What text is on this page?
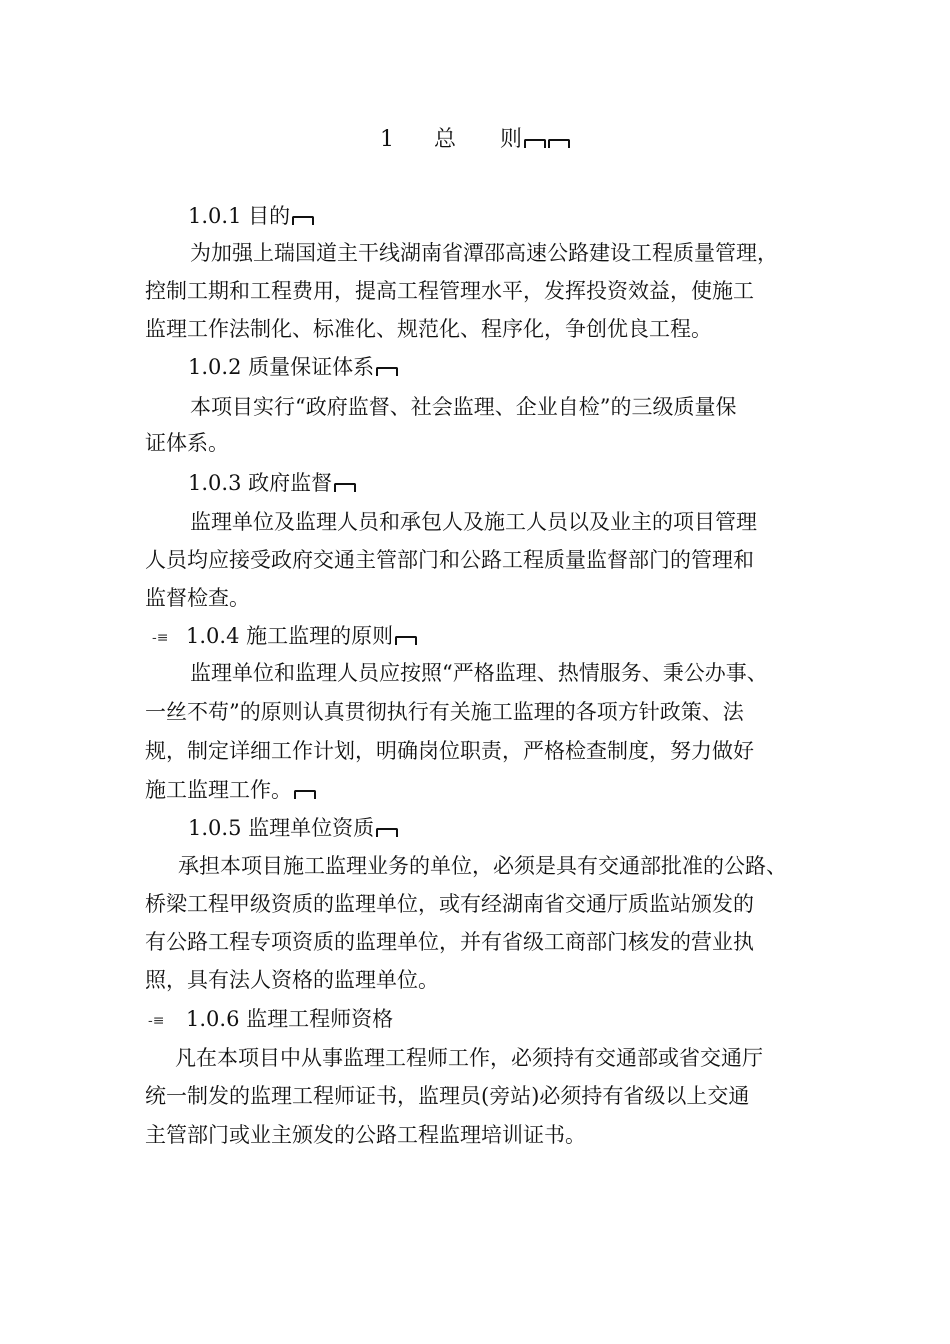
1 总 则
1.0.1 目的
为加强上瑞国道主干线湖南省潭邵高速公路建设工程质量管理，
控制工期和工程费用，提高工程管理水平，发挥投资效益，使施工
监理工作法制化、标准化、规范化、程序化，争创优良工程。
1.0.2 质量保证体系
本项目实行“政府监督、社会监理、企业自检”的三级质量保
证体系。
1.0.3 政府监督
监理单位及监理人员和承包人及施工人员以及业主的项目管理
人员均应接受政府交通主管部门和公路工程质量监督部门的管理和
监督检查。
-≡ 1.0.4 施工监理的原则
监理单位和监理人员应按照“严格监理、热情服务、秉公办事、
一丝不苟”的原则认真贯彻执行有关施工监理的各项方针政策、法
规，制定详细工作计划，明确岗位职责，严格检查制度，努力做好
施工监理工作。
1.0.5 监理单位资质
承担本项目施工监理业务的单位，必须是具有交通部批准的公路、
桥梁工程甲级资质的监理单位，或有经湖南省交通厅质监站颁发的
有公路工程专项资质的监理单位，并有省级工商部门核发的营业执
照，具有法人资格的监理单位。
-≡ 1.0.6 监理工程师资格
凡在本项目中从事监理工程师工作，必须持有交通部或省交通厅
统一制发的监理工程师证书，监理员(旁站)必须持有省级以上交通
主管部门或业主颁发的公路工程监理培训证书。
